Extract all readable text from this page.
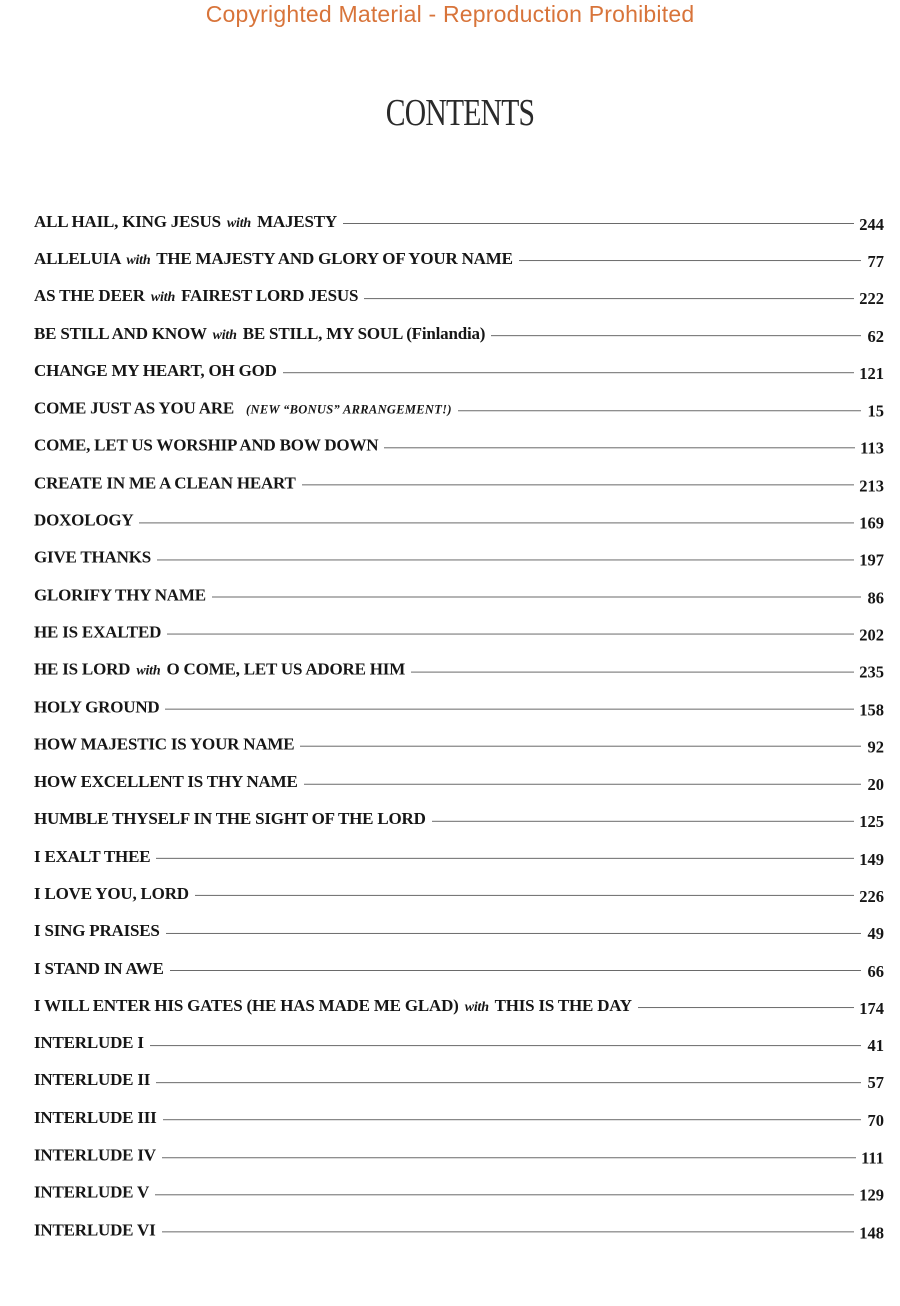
Copyrighted Material - Reproduction Prohibited
CONTENTS
ALL HAIL, KING JESUS with MAJESTY	244
ALLELUIA with THE MAJESTY AND GLORY OF YOUR NAME	77
AS THE DEER with FAIREST LORD JESUS	222
BE STILL AND KNOW with BE STILL, MY SOUL (Finlandia)	62
CHANGE MY HEART, OH GOD	121
COME JUST AS YOU ARE (NEW “BONUS” ARRANGEMENT!)	15
COME, LET US WORSHIP AND BOW DOWN	113
CREATE IN ME A CLEAN HEART	213
DOXOLOGY	169
GIVE THANKS	197
GLORIFY THY NAME	86
HE IS EXALTED	202
HE IS LORD with O COME, LET US ADORE HIM	235
HOLY GROUND	158
HOW MAJESTIC IS YOUR NAME	92
HOW EXCELLENT IS THY NAME	20
HUMBLE THYSELF IN THE SIGHT OF THE LORD	125
I EXALT THEE	149
I LOVE YOU, LORD	226
I SING PRAISES	49
I STAND IN AWE	66
I WILL ENTER HIS GATES (HE HAS MADE ME GLAD) with THIS IS THE DAY	174
INTERLUDE I	41
INTERLUDE II	57
INTERLUDE III	70
INTERLUDE IV	111
INTERLUDE V	129
INTERLUDE VI	148
